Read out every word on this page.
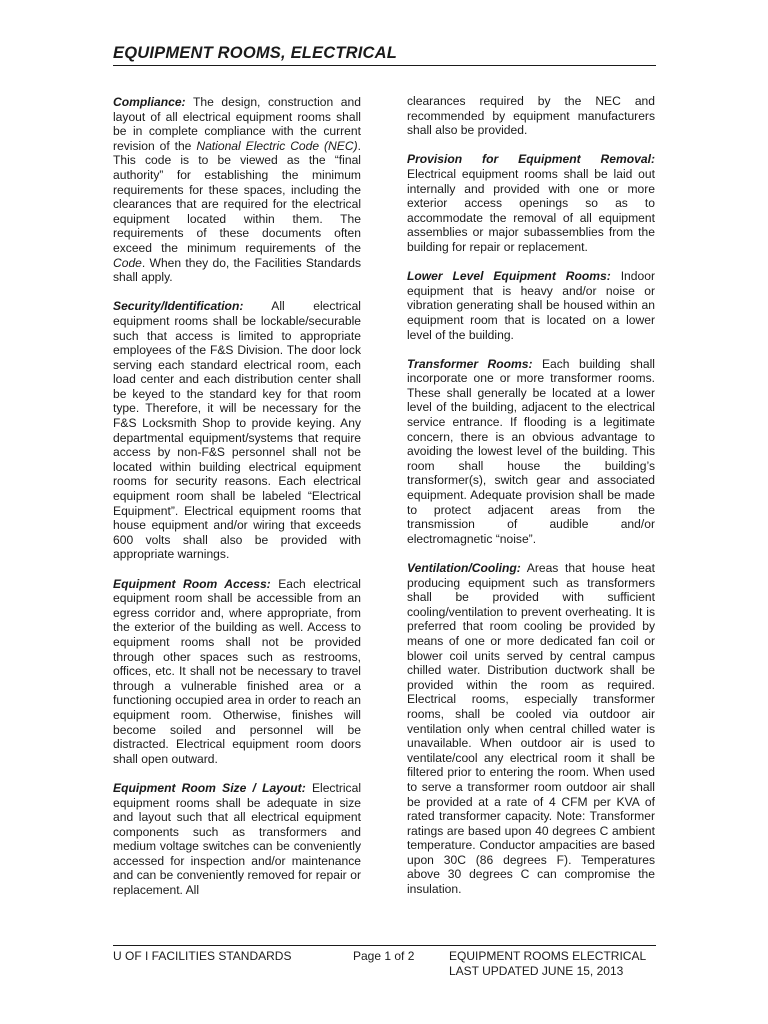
EQUIPMENT ROOMS, ELECTRICAL

Compliance: The design, construction and layout of all electrical equipment rooms shall be in complete compliance with the current revision of the National Electric Code (NEC). This code is to be viewed as the “final authority” for establishing the minimum requirements for these spaces, including the clearances that are required for the electrical equipment located within them. The requirements of these documents often exceed the minimum requirements of the Code. When they do, the Facilities Standards shall apply.

Security/Identification: All electrical equipment rooms shall be lockable/securable such that access is limited to appropriate employees of the F&S Division. The door lock serving each standard electrical room, each load center and each distribution center shall be keyed to the standard key for that room type. Therefore, it will be necessary for the F&S Locksmith Shop to provide keying. Any departmental equipment/systems that require access by non-F&S personnel shall not be located within building electrical equipment rooms for security reasons. Each electrical equipment room shall be labeled “Electrical Equipment”. Electrical equipment rooms that house equipment and/or wiring that exceeds 600 volts shall also be provided with appropriate warnings.

Equipment Room Access: Each electrical equipment room shall be accessible from an egress corridor and, where appropriate, from the exterior of the building as well. Access to equipment rooms shall not be provided through other spaces such as restrooms, offices, etc. It shall not be necessary to travel through a vulnerable finished area or a functioning occupied area in order to reach an equipment room. Otherwise, finishes will become soiled and personnel will be distracted. Electrical equipment room doors shall open outward.

Equipment Room Size / Layout: Electrical equipment rooms shall be adequate in size and layout such that all electrical equipment components such as transformers and medium voltage switches can be conveniently accessed for inspection and/or maintenance and can be conveniently removed for repair or replacement. All

clearances required by the NEC and recommended by equipment manufacturers shall also be provided.

Provision for Equipment Removal: Electrical equipment rooms shall be laid out internally and provided with one or more exterior access openings so as to accommodate the removal of all equipment assemblies or major subassemblies from the building for repair or replacement.

Lower Level Equipment Rooms: Indoor equipment that is heavy and/or noise or vibration generating shall be housed within an equipment room that is located on a lower level of the building.

Transformer Rooms: Each building shall incorporate one or more transformer rooms. These shall generally be located at a lower level of the building, adjacent to the electrical service entrance. If flooding is a legitimate concern, there is an obvious advantage to avoiding the lowest level of the building. This room shall house the building’s transformer(s), switch gear and associated equipment. Adequate provision shall be made to protect adjacent areas from the transmission of audible and/or electromagnetic “noise”.

Ventilation/Cooling: Areas that house heat producing equipment such as transformers shall be provided with sufficient cooling/ventilation to prevent overheating. It is preferred that room cooling be provided by means of one or more dedicated fan coil or blower coil units served by central campus chilled water. Distribution ductwork shall be provided within the room as required. Electrical rooms, especially transformer rooms, shall be cooled via outdoor air ventilation only when central chilled water is unavailable. When outdoor air is used to ventilate/cool any electrical room it shall be filtered prior to entering the room. When used to serve a transformer room outdoor air shall be provided at a rate of 4 CFM per KVA of rated transformer capacity. Note: Transformer ratings are based upon 40 degrees C ambient temperature. Conductor ampacities are based upon 30C (86 degrees F). Temperatures above 30 degrees C can compromise the insulation.

U OF I FACILITIES STANDARDS	Page 1 of 2	EQUIPMENT ROOMS ELECTRICAL
LAST UPDATED JUNE 15, 2013
